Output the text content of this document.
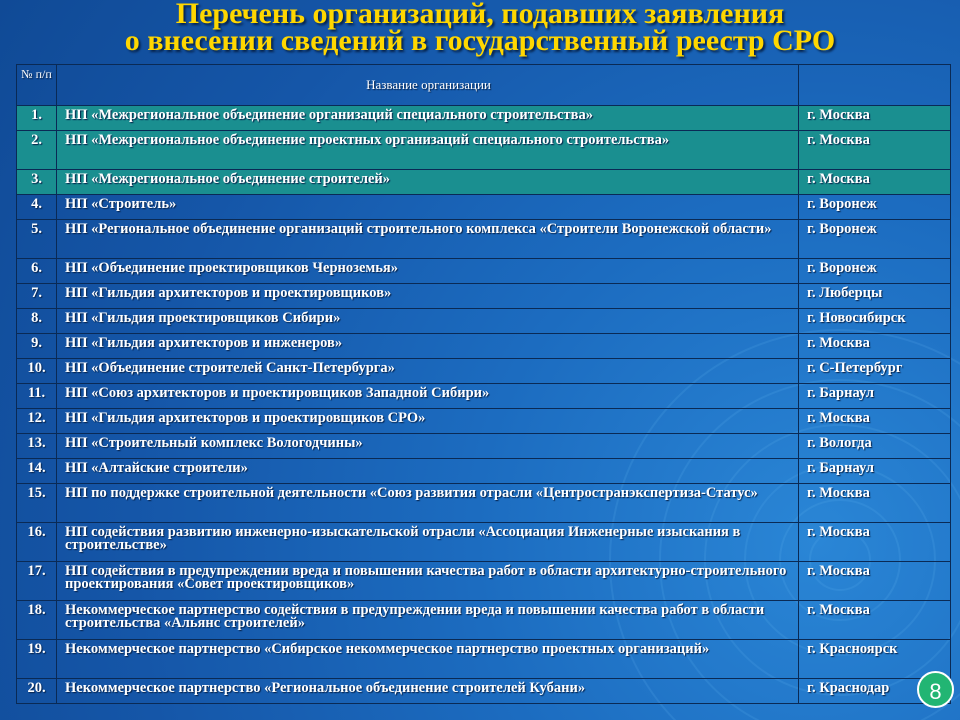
Перечень организаций, подавших заявления
о внесении сведений в государственный реестр СРО
№ п/п	Название организации	
1.	НП «Межрегиональное объединение организаций специального строительства»	г. Москва
2.	НП «Межрегиональное объединение проектных организаций специального строительства»	г. Москва
3.	НП «Межрегиональное объединение строителей»	г. Москва
4.	НП «Строитель»	г. Воронеж
5.	НП «Региональное объединение организаций строительного комплекса «Строители Воронежской области»	г. Воронеж
6.	НП «Объединение проектировщиков Черноземья»	г. Воронеж
7.	НП «Гильдия архитекторов и проектировщиков»	г. Люберцы
8.	НП «Гильдия проектировщиков Сибири»	г. Новосибирск
9.	НП «Гильдия архитекторов и инженеров»	г. Москва
10.	НП «Объединение строителей Санкт-Петербурга»	г. С-Петербург
11.	НП «Союз архитекторов и проектировщиков Западной Сибири»	г. Барнаул
12.	НП «Гильдия архитекторов и проектировщиков СРО»	г. Москва
13.	НП «Строительный комплекс Вологодчины»	г. Вологда
14.	НП «Алтайские строители»	г. Барнаул
15.	НП по поддержке строительной деятельности «Союз развития отрасли «Центространэкспертиза-Статус»	г. Москва
16.	НП содействия развитию инженерно-изыскательской отрасли «Ассоциация Инженерные изыскания в строительстве»	г. Москва
17.	НП содействия в предупреждении вреда и повышении качества работ в области архитектурно-строительного проектирования «Совет проектировщиков»	г. Москва
18.	Некоммерческое партнерство содействия в предупреждении вреда и повышении качества работ в области строительства «Альянс строителей»	г. Москва
19.	Некоммерческое партнерство «Сибирское некоммерческое партнерство проектных организаций»	г. Красноярск
20.	Некоммерческое партнерство «Региональное объединение строителей Кубани»	г. Краснодар	8
